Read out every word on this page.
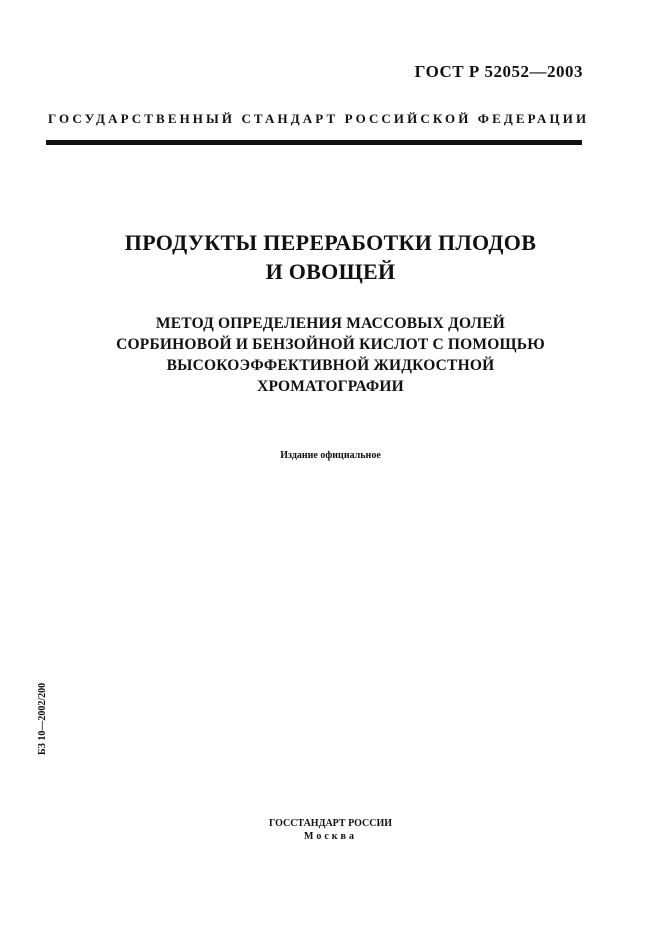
ГОСТ Р 52052—2003
ГОСУДАРСТВЕННЫЙ СТАНДАРТ РОССИЙСКОЙ ФЕДЕРАЦИИ
ПРОДУКТЫ ПЕРЕРАБОТКИ ПЛОДОВ
И ОВОЩЕЙ
МЕТОД ОПРЕДЕЛЕНИЯ МАССОВЫХ ДОЛЕЙ
СОРБИНОВОЙ И БЕНЗОЙНОЙ КИСЛОТ С ПОМОЩЬЮ
ВЫСОКОЭФФЕКТИВНОЙ ЖИДКОСТНОЙ
ХРОМАТОГРАФИИ
Издание официальное
БЗ 10—2002/200
ГОССТАНДАРТ РОССИИ
Москва
